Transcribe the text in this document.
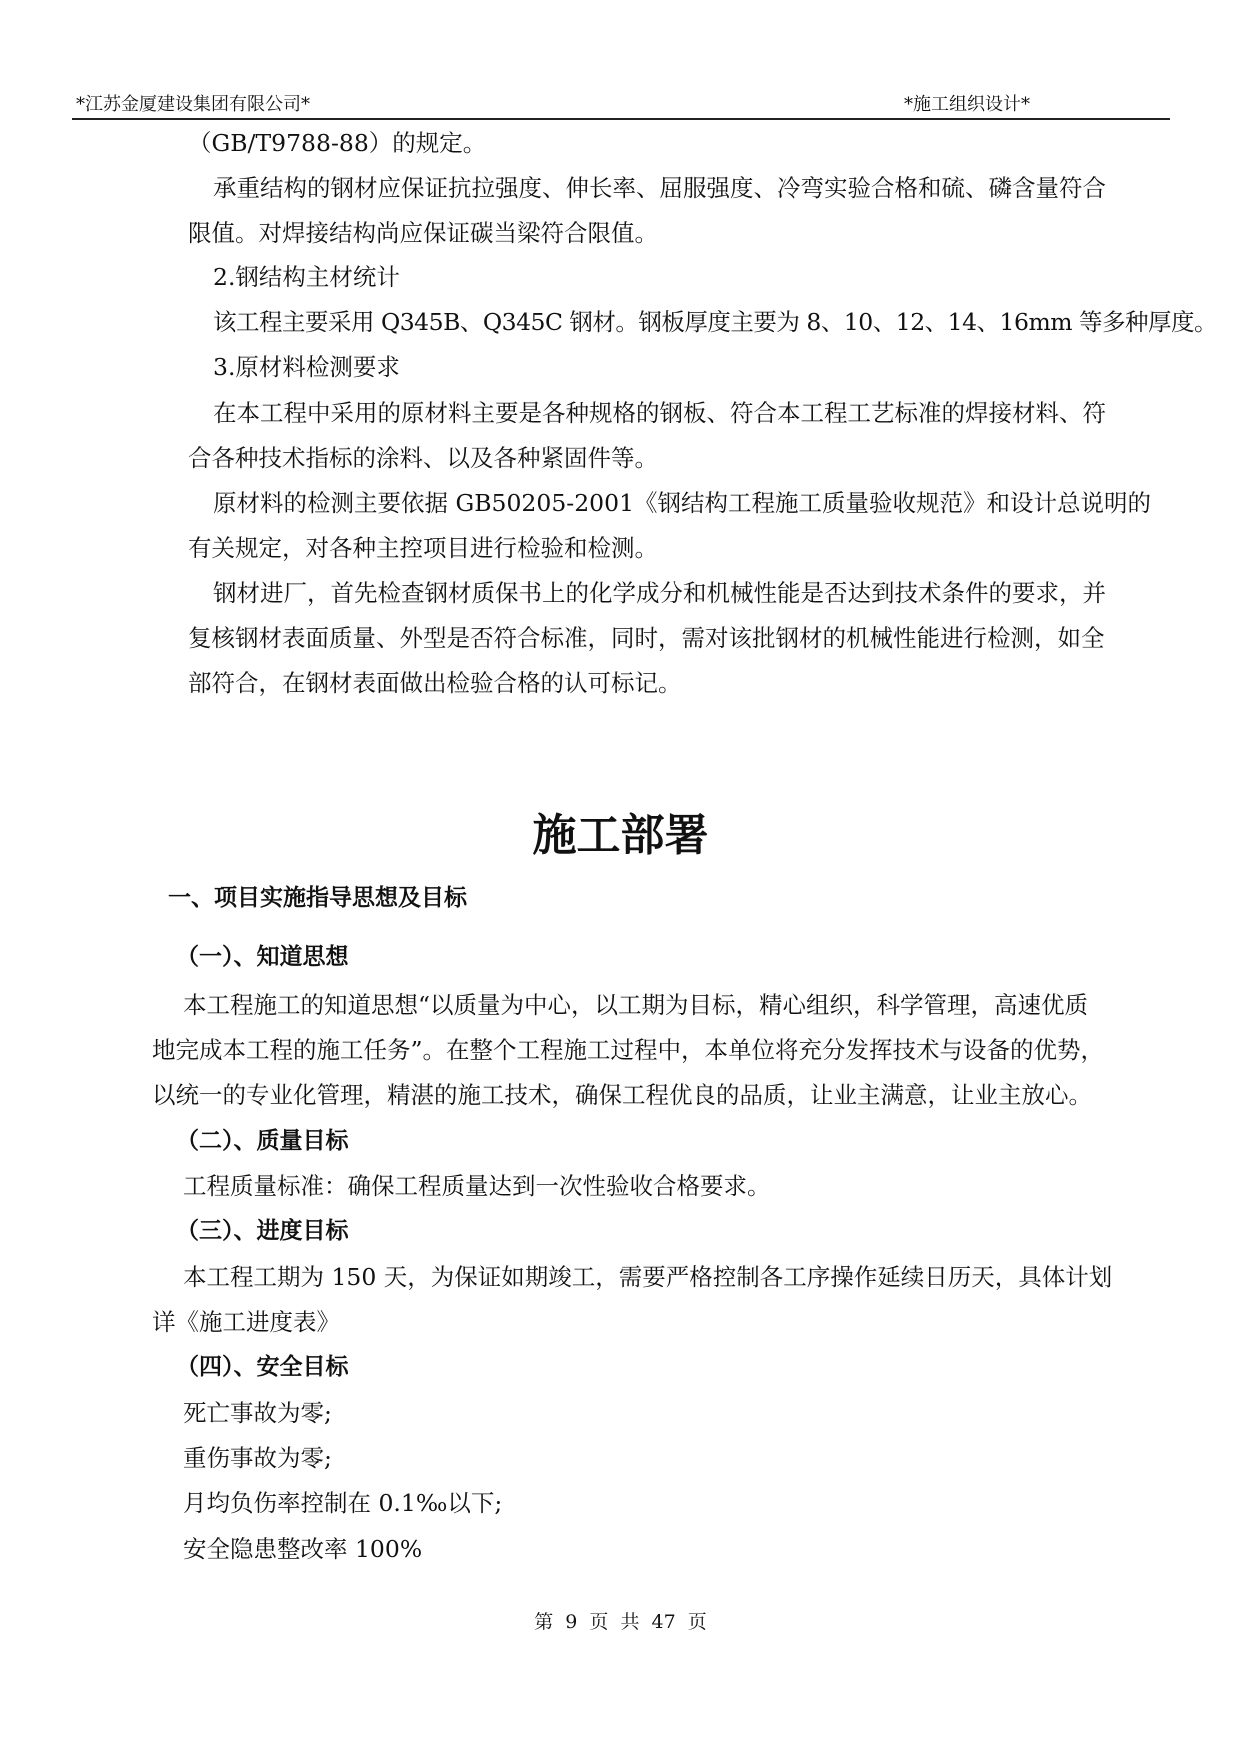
*江苏金厦建设集团有限公司*	*施工组织设计*
（GB/T9788-88）的规定。
承重结构的钢材应保证抗拉强度、伸长率、屈服强度、冷弯实验合格和硫、磷含量符合
限值。对焊接结构尚应保证碳当梁符合限值。
2.钢结构主材统计
该工程主要采用 Q345B、Q345C 钢材。钢板厚度主要为 8、10、12、14、16mm 等多种厚度。
3.原材料检测要求
在本工程中采用的原材料主要是各种规格的钢板、符合本工程工艺标准的焊接材料、符
合各种技术指标的涂料、以及各种紧固件等。
原材料的检测主要依据 GB50205-2001《钢结构工程施工质量验收规范》和设计总说明的
有关规定，对各种主控项目进行检验和检测。
钢材进厂，首先检查钢材质保书上的化学成分和机械性能是否达到技术条件的要求，并
复核钢材表面质量、外型是否符合标准，同时，需对该批钢材的机械性能进行检测，如全
部符合，在钢材表面做出检验合格的认可标记。
施工部署
一、项目实施指导思想及目标
（一）、知道思想
本工程施工的知道思想“以质量为中心，以工期为目标，精心组织，科学管理，高速优质
地完成本工程的施工任务”。在整个工程施工过程中，本单位将充分发挥技术与设备的优势，
以统一的专业化管理，精湛的施工技术，确保工程优良的品质，让业主满意，让业主放心。
（二）、质量目标
工程质量标准：确保工程质量达到一次性验收合格要求。
（三）、进度目标
本工程工期为 150 天，为保证如期竣工，需要严格控制各工序操作延续日历天，具体计划
详《施工进度表》
（四）、安全目标
死亡事故为零;
重伤事故为零;
月均负伤率控制在 0.1‰以下;
安全隐患整改率 100%
第 9 页 共 47 页
